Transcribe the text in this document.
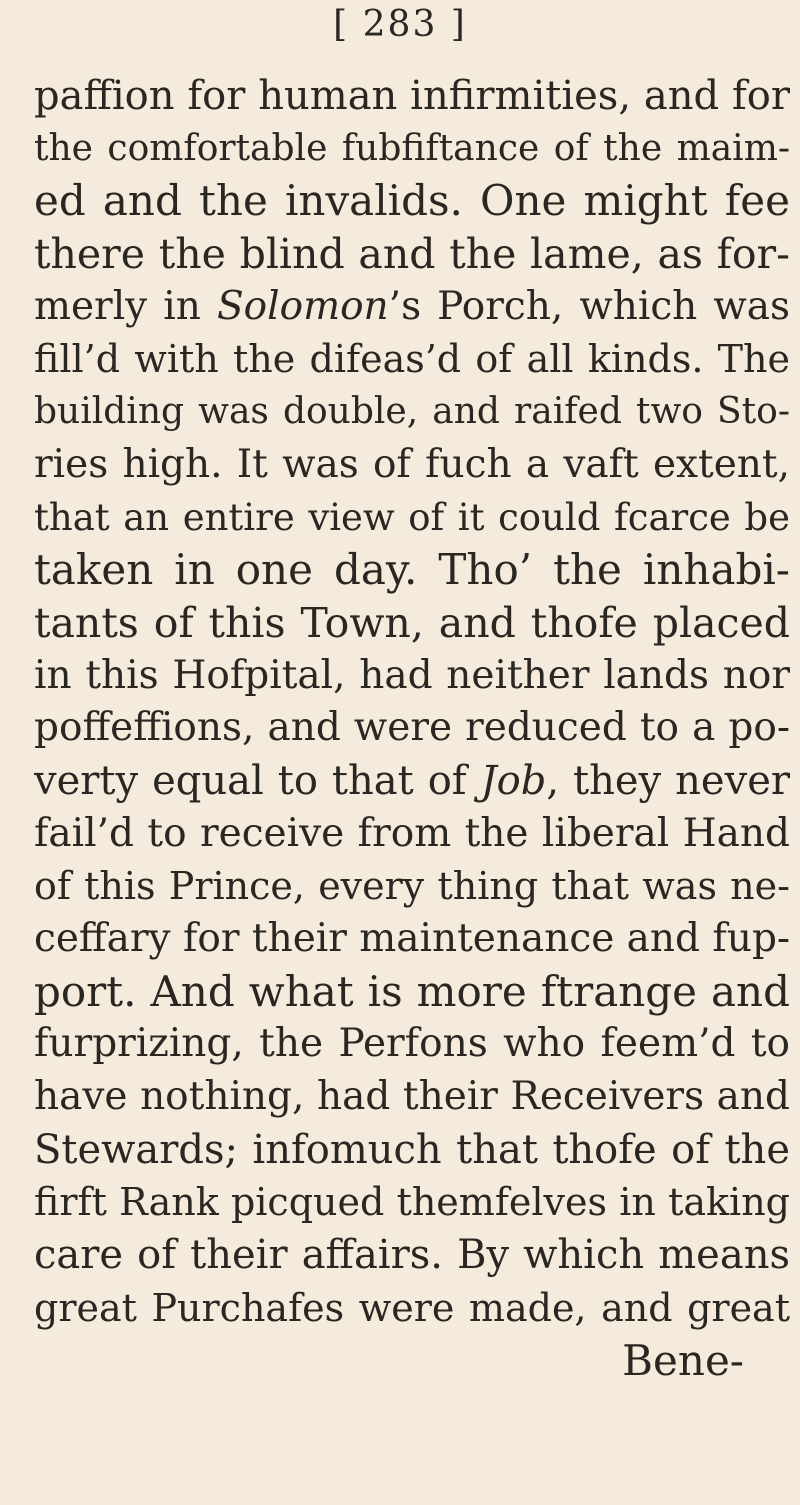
[ 283 ]
paffion for human infirmities, and for
the comfortable fubfiftance of the maim-
ed and the invalids. One might fee
there the blind and the lame, as for-
merly in Solomon’s Porch, which was
fill’d with the difeas’d of all kinds. The
building was double, and raifed two Sto-
ries high. It was of fuch a vaft extent,
that an entire view of it could fcarce be
taken in one day. Tho’ the inhabi-
tants of this Town, and thofe placed
in this Hofpital, had neither lands nor
poffeffions, and were reduced to a po-
verty equal to that of Job, they never
fail’d to receive from the liberal Hand
of this Prince, every thing that was ne-
ceffary for their maintenance and fup-
port. And what is more ftrange and
furprizing, the Perfons who feem’d to
have nothing, had their Receivers and
Stewards; infomuch that thofe of the
firft Rank picqued themfelves in taking
care of their affairs. By which means
great Purchafes were made, and great
Bene-
